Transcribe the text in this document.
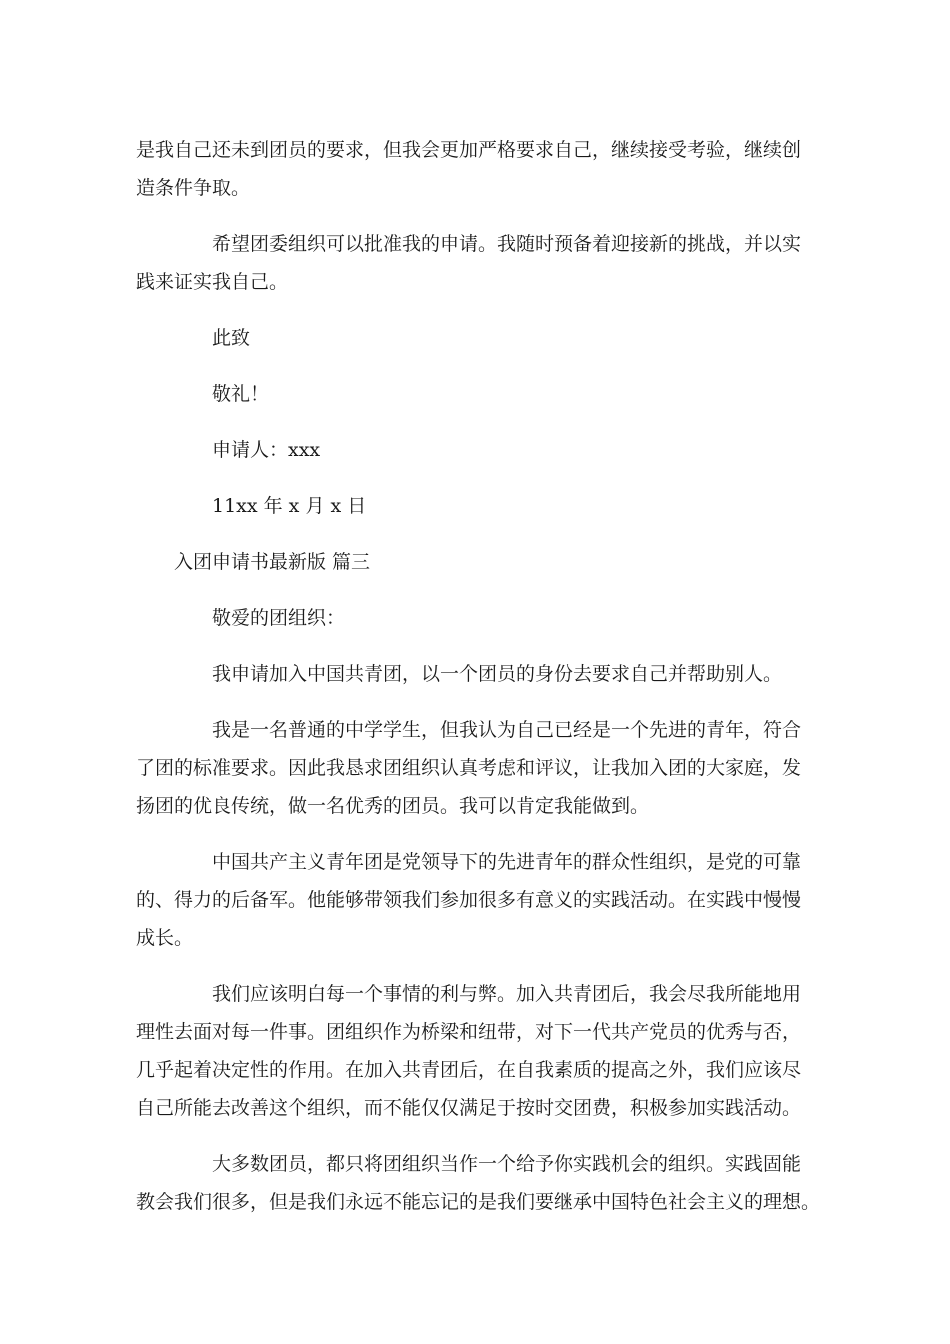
是我自己还未到团员的要求，但我会更加严格要求自己，继续接受考验，继续创
造条件争取。

希望团委组织可以批准我的申请。我随时预备着迎接新的挑战，并以实
践来证实我自己。

此致

敬礼！

申请人：xxx

11xx 年 x 月 x 日

入团申请书最新版 篇三

敬爱的团组织：

我申请加入中国共青团，以一个团员的身份去要求自己并帮助别人。

我是一名普通的中学学生，但我认为自己已经是一个先进的青年，符合
了团的标准要求。因此我恳求团组织认真考虑和评议，让我加入团的大家庭，发
扬团的优良传统，做一名优秀的团员。我可以肯定我能做到。

中国共产主义青年团是党领导下的先进青年的群众性组织，是党的可靠
的、得力的后备军。他能够带领我们参加很多有意义的实践活动。在实践中慢慢
成长。

我们应该明白每一个事情的利与弊。加入共青团后，我会尽我所能地用
理性去面对每一件事。团组织作为桥梁和纽带，对下一代共产党员的优秀与否，
几乎起着决定性的作用。在加入共青团后，在自我素质的提高之外，我们应该尽
自己所能去改善这个组织，而不能仅仅满足于按时交团费，积极参加实践活动。

大多数团员，都只将团组织当作一个给予你实践机会的组织。实践固能
教会我们很多，但是我们永远不能忘记的是我们要继承中国特色社会主义的理想。
